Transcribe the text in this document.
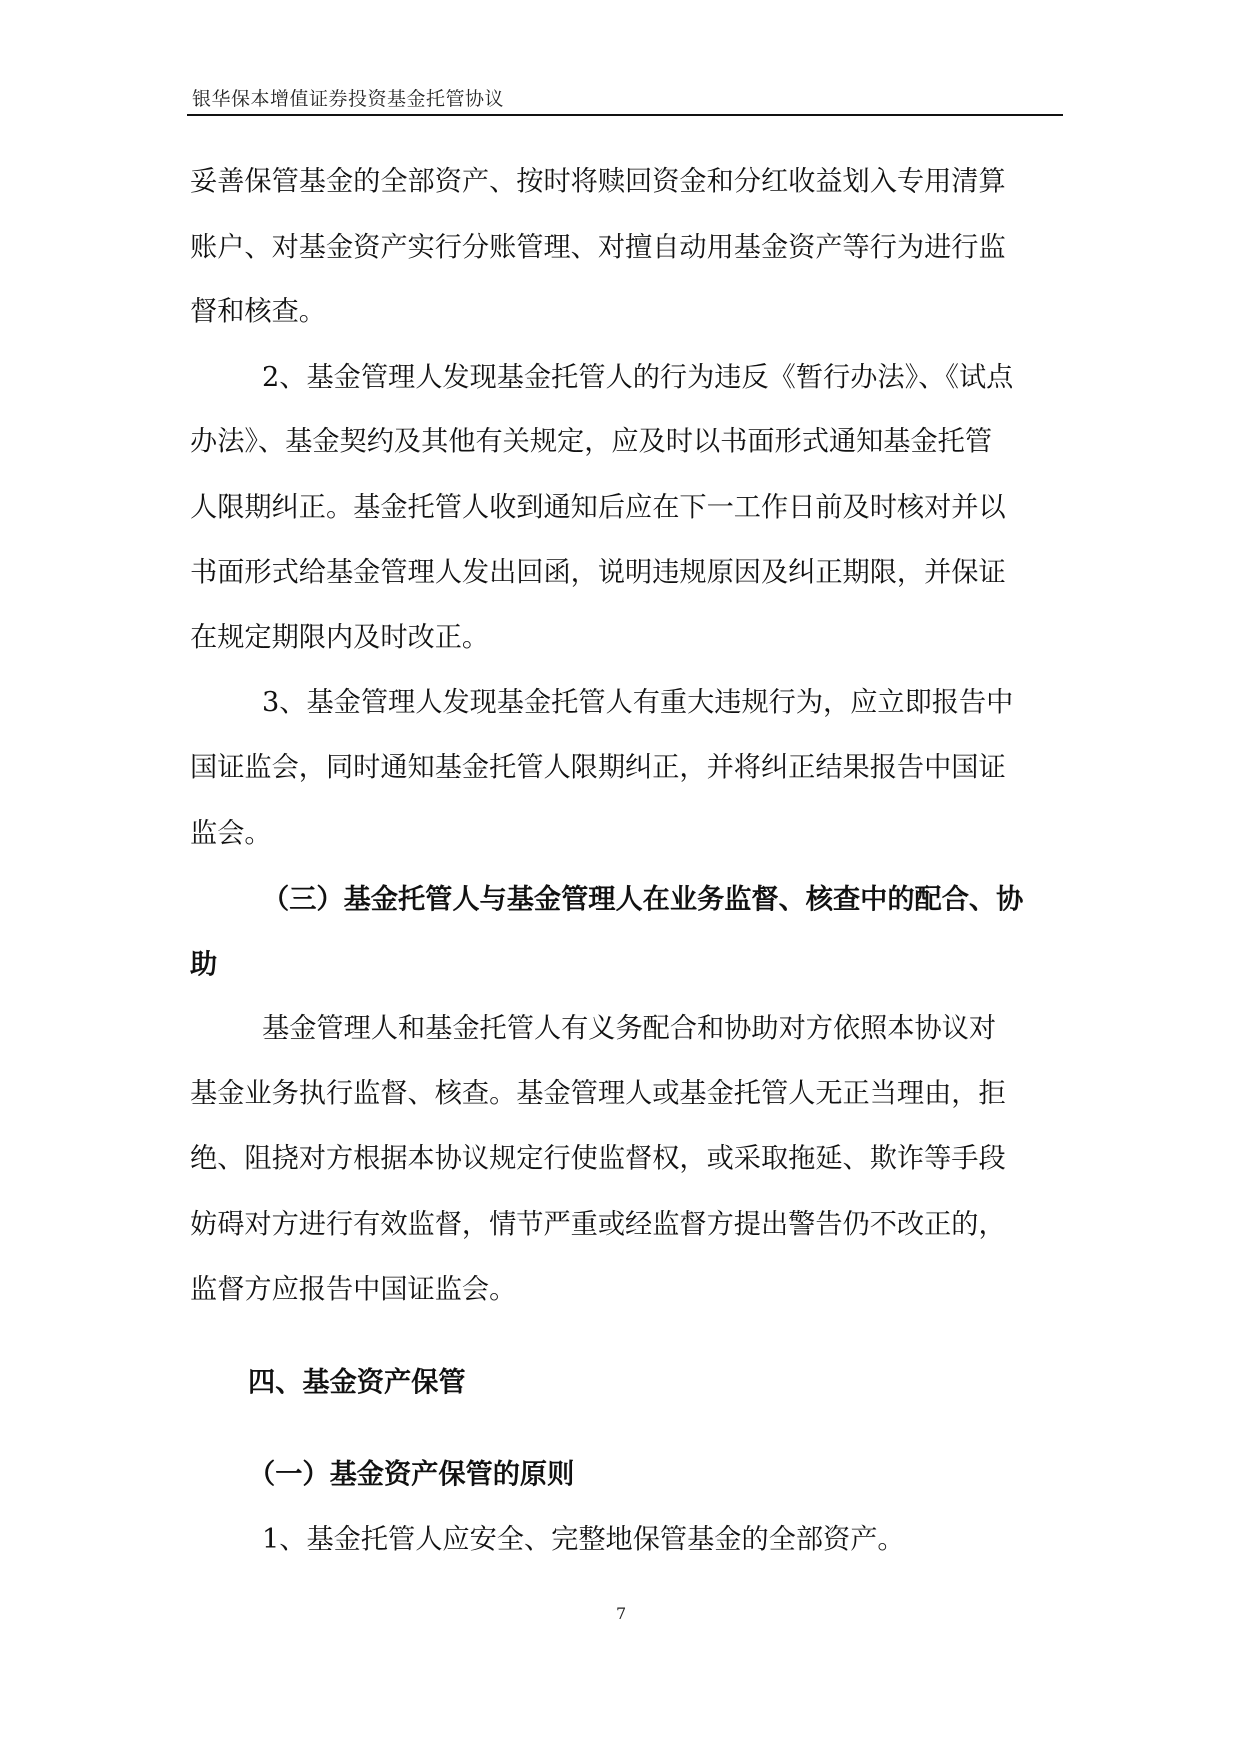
银华保本增值证券投资基金托管协议
妥善保管基金的全部资产、按时将赎回资金和分红收益划入专用清算
账户、对基金资产实行分账管理、对擅自动用基金资产等行为进行监
督和核查。
2、基金管理人发现基金托管人的行为违反《暂行办法》、《试点
办法》、基金契约及其他有关规定，应及时以书面形式通知基金托管
人限期纠正。基金托管人收到通知后应在下一工作日前及时核对并以
书面形式给基金管理人发出回函，说明违规原因及纠正期限，并保证
在规定期限内及时改正。
3、基金管理人发现基金托管人有重大违规行为，应立即报告中
国证监会，同时通知基金托管人限期纠正，并将纠正结果报告中国证
监会。
（三）基金托管人与基金管理人在业务监督、核查中的配合、协
助
基金管理人和基金托管人有义务配合和协助对方依照本协议对
基金业务执行监督、核查。基金管理人或基金托管人无正当理由，拒
绝、阻挠对方根据本协议规定行使监督权，或采取拖延、欺诈等手段
妨碍对方进行有效监督，情节严重或经监督方提出警告仍不改正的，
监督方应报告中国证监会。
四、基金资产保管
（一）基金资产保管的原则
1、基金托管人应安全、完整地保管基金的全部资产。
7
